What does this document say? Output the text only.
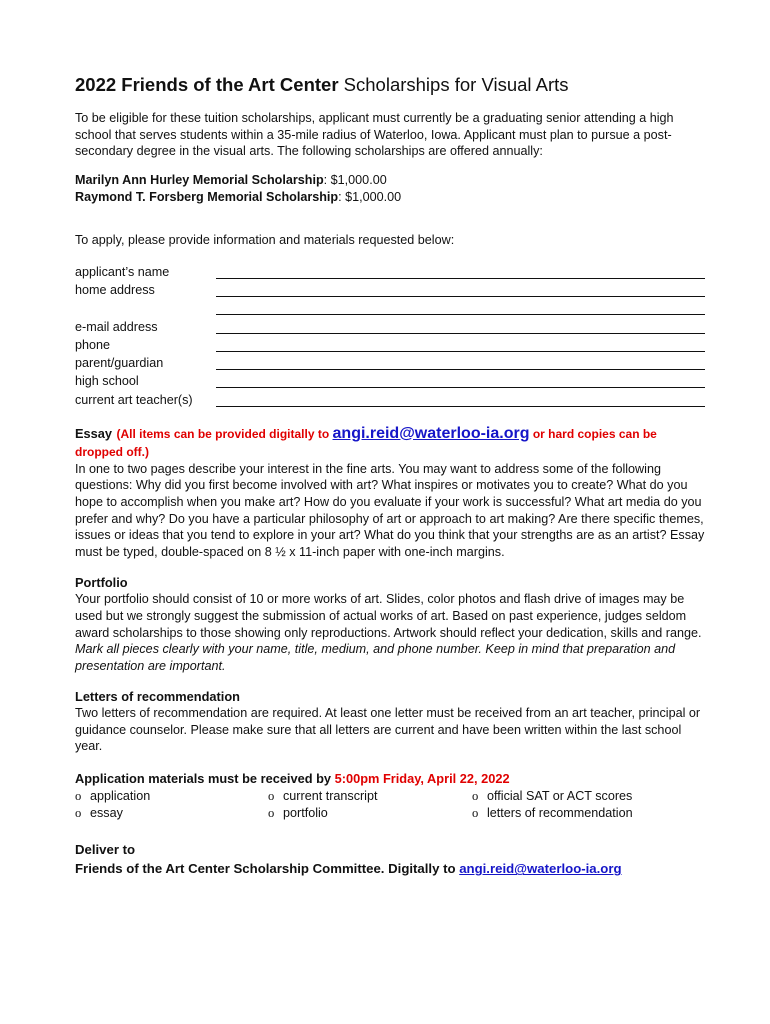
2022 Friends of the Art Center Scholarships for Visual Arts

To be eligible for these tuition scholarships, applicant must currently be a graduating senior attending a high school that serves students within a 35-mile radius of Waterloo, Iowa. Applicant must plan to pursue a post-secondary degree in the visual arts. The following scholarships are offered annually:

Marilyn Ann Hurley Memorial Scholarship: $1,000.00
Raymond T. Forsberg Memorial Scholarship: $1,000.00

To apply, please provide information and materials requested below:

applicant’s name
home address
e-mail address
phone
parent/guardian
high school
current art teacher(s)
Essay (All items can be provided digitally to angi.reid@waterloo-ia.org or hard copies can be dropped off.)

In one to two pages describe your interest in the fine arts. You may want to address some of the following questions: Why did you first become involved with art? What inspires or motivates you to create? What do you hope to accomplish when you make art? How do you evaluate if your work is successful? What art media do you prefer and why? Do you have a particular philosophy of art or approach to art making? Are there specific themes, issues or ideas that you tend to explore in your art? What do you think that your strengths are as an artist? Essay must be typed, double-spaced on 8 ½ x 11-inch paper with one-inch margins.

Portfolio

Your portfolio should consist of 10 or more works of art. Slides, color photos and flash drive of images may be used but we strongly suggest the submission of actual works of art. Based on past experience, judges seldom award scholarships to those showing only reproductions. Artwork should reflect your dedication, skills and range. Mark all pieces clearly with your name, title, medium, and phone number. Keep in mind that preparation and presentation are important.

Letters of recommendation

Two letters of recommendation are required. At least one letter must be received from an art teacher, principal or guidance counselor. Please make sure that all letters are current and have been written within the last school year.

Application materials must be received by 5:00pm Friday, April 22, 2022
o application	o current transcript	o official SAT or ACT scores
o essay	o portfolio	o letters of recommendation
Deliver to
Friends of the Art Center Scholarship Committee. Digitally to angi.reid@waterloo-ia.org
